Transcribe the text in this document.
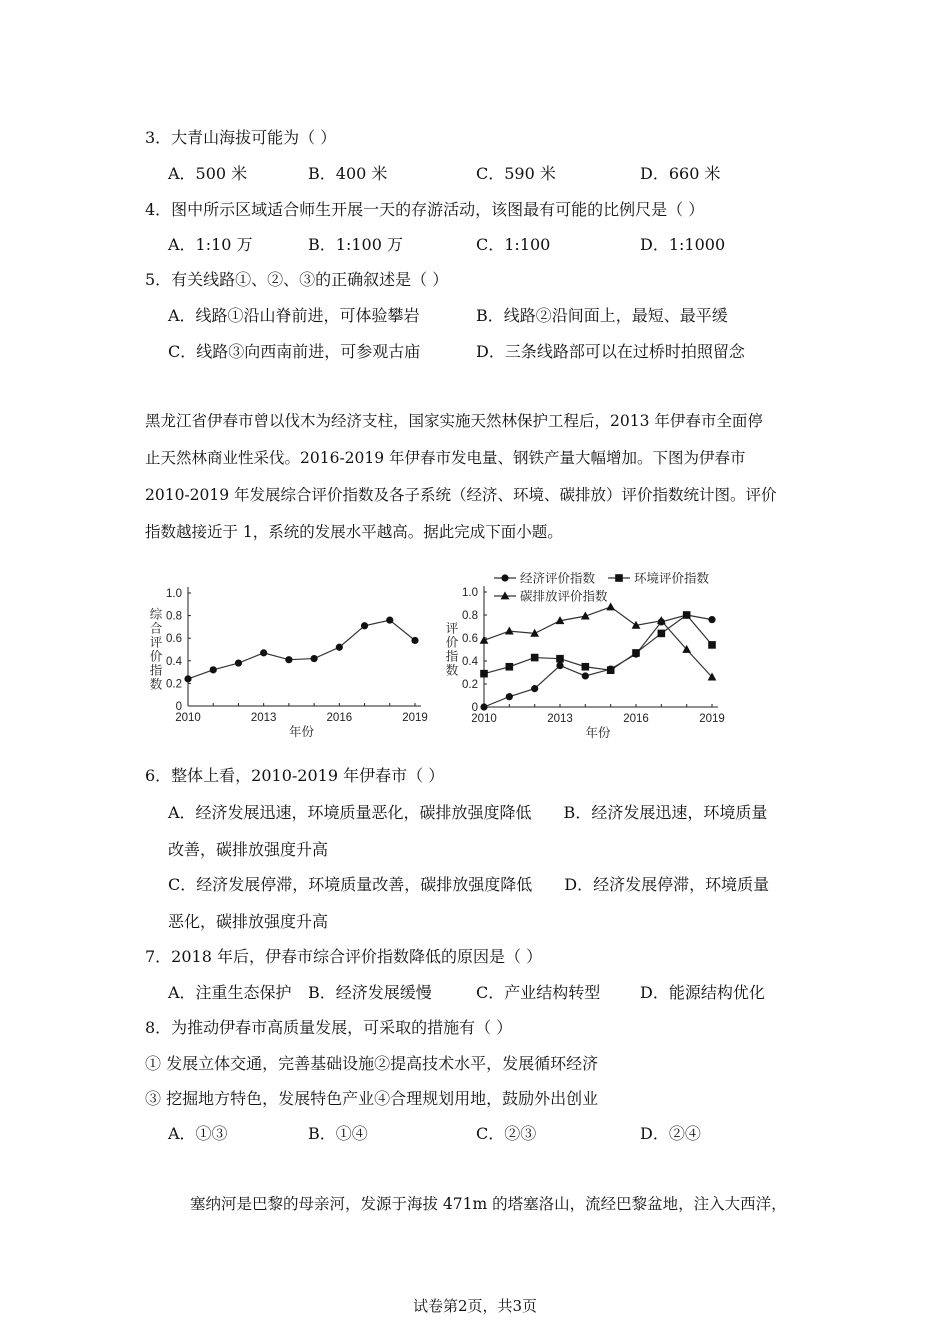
3．大青山海拔可能为（ ）
A．500 米	B．400 米	C．590 米	D．660 米
4．图中所示区域适合师生开展一天的存游活动，该图最有可能的比例尺是（ ）
A．1:10 万	B．1:100 万	C．1:100	D．1:1000
5．有关线路①、②、③的正确叙述是（ ）
A．线路①沿山脊前进，可体验攀岩	B．线路②沿间面上，最短、最平缓
C．线路③向西南前进，可参观古庙	D．三条线路部可以在过桥时拍照留念
黑龙江省伊春市曾以伐木为经济支柱，国家实施天然林保护工程后，2013 年伊春市全面停
止天然林商业性采伐。2016-2019 年伊春市发电量、钢铁产量大幅增加。下图为伊春市
2010-2019 年发展综合评价指数及各子系统（经济、环境、碳排放）评价指数统计图。评价
指数越接近于 1，系统的发展水平越高。据此完成下面小题。
0
0.2
0.4
0.6
0.8
1.0
2010	2013	2016	2019
年份
综
合
评
价
指
数
0
0.2
0.4
0.6
0.8
1.0
2010	2013	2016	2019
年份
评
价
指
数
经济评价指数	环境评价指数
碳排放评价指数
6．整体上看，2010-2019 年伊春市（ ）
A．经济发展迅速，环境质量恶化，碳排放强度降低　　B．经济发展迅速，环境质量
改善，碳排放强度升高
C．经济发展停滞，环境质量改善，碳排放强度降低　　D．经济发展停滞，环境质量
恶化，碳排放强度升高
7．2018 年后，伊春市综合评价指数降低的原因是（ ）
A．注重生态保护 B．经济发展缓慢	C．产业结构转型 D．能源结构优化
8．为推动伊春市高质量发展，可采取的措施有（ ）
① 发展立体交通，完善基础设施②提高技术水平，发展循环经济
③ 挖掘地方特色，发展特色产业④合理规划用地，鼓励外出创业
A．①③	B．①④	C．②③	D．②④
塞纳河是巴黎的母亲河，发源于海拔 471m 的塔塞洛山，流经巴黎盆地，注入大西洋，
试卷第2页，共3页
